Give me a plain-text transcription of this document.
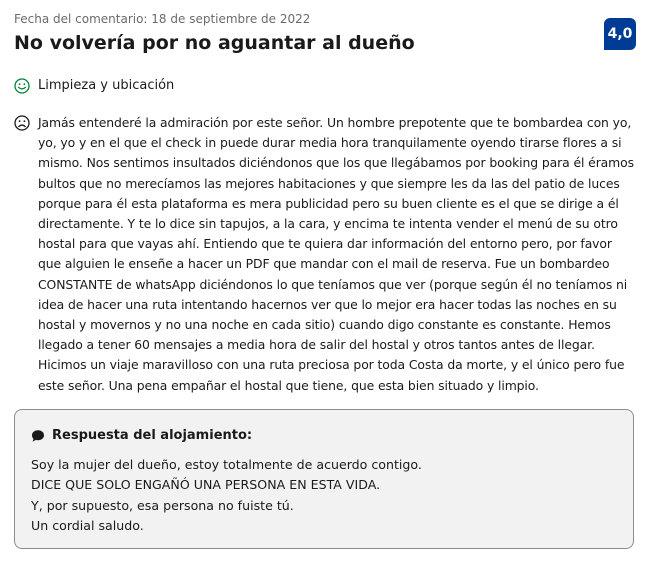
Fecha del comentario: 18 de septiembre de 2022
No volvería por no aguantar al dueño	4,0
Limpieza y ubicación
Jamás entenderé la admiración por este señor. Un hombre prepotente que te bombardea con yo, yo, yo y en el que el check in puede durar media hora tranquilamente oyendo tirarse flores a si mismo. Nos sentimos insultados diciéndonos que los que llegábamos por booking para él éramos bultos que no merecíamos las mejores habitaciones y que siempre les da las del patio de luces porque para él esta plataforma es mera publicidad pero su buen cliente es el que se dirige a él directamente. Y te lo dice sin tapujos, a la cara, y encima te intenta vender el menú de su otro hostal para que vayas ahí. Entiendo que te quiera dar información del entorno pero, por favor que alguien le enseñe a hacer un PDF que mandar con el mail de reserva. Fue un bombardeo CONSTANTE de whatsApp diciéndonos lo que teníamos que ver (porque según él no teníamos ni idea de hacer una ruta intentando hacernos ver que lo mejor era hacer todas las noches en su hostal y movernos y no una noche en cada sitio) cuando digo constante es constante. Hemos llegado a tener 60 mensajes a media hora de salir del hostal y otros tantos antes de llegar. Hicimos un viaje maravilloso con una ruta preciosa por toda Costa da morte, y el único pero fue este señor. Una pena empañar el hostal que tiene, que esta bien situado y limpio.
Respuesta del alojamiento:
Soy la mujer del dueño, estoy totalmente de acuerdo contigo.
DICE QUE SOLO ENGAÑÓ UNA PERSONA EN ESTA VIDA.
Y, por supuesto, esa persona no fuiste tú.
Un cordial saludo.
